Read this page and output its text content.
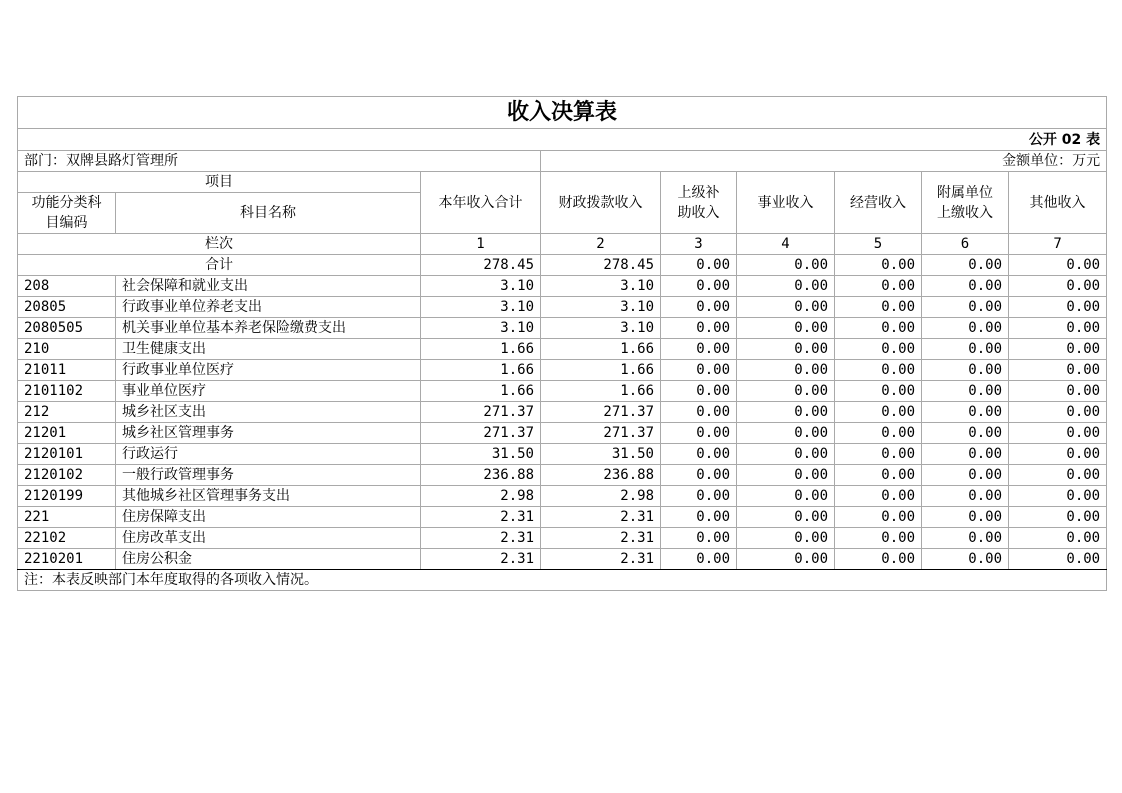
收入决算表								
公开 02 表								
部门：双牌县路灯管理所			金额单位：万元					
项目		本年收入合计	财政拨款收入	上级补助收入	事业收入	经营收入	附属单位上缴收入	其他收入
功能分类科目编码	科目名称							
栏次		1	2	3	4	5	6	7
合计		278.45	278.45	0.00	0.00	0.00	0.00	0.00
208	社会保障和就业支出	3.10	3.10	0.00	0.00	0.00	0.00	0.00
20805	行政事业单位养老支出	3.10	3.10	0.00	0.00	0.00	0.00	0.00
2080505	机关事业单位基本养老保险缴费支出	3.10	3.10	0.00	0.00	0.00	0.00	0.00
210	卫生健康支出	1.66	1.66	0.00	0.00	0.00	0.00	0.00
21011	行政事业单位医疗	1.66	1.66	0.00	0.00	0.00	0.00	0.00
2101102	事业单位医疗	1.66	1.66	0.00	0.00	0.00	0.00	0.00
212	城乡社区支出	271.37	271.37	0.00	0.00	0.00	0.00	0.00
21201	城乡社区管理事务	271.37	271.37	0.00	0.00	0.00	0.00	0.00
2120101	行政运行	31.50	31.50	0.00	0.00	0.00	0.00	0.00
2120102	一般行政管理事务	236.88	236.88	0.00	0.00	0.00	0.00	0.00
2120199	其他城乡社区管理事务支出	2.98	2.98	0.00	0.00	0.00	0.00	0.00
221	住房保障支出	2.31	2.31	0.00	0.00	0.00	0.00	0.00
22102	住房改革支出	2.31	2.31	0.00	0.00	0.00	0.00	0.00
2210201	住房公积金	2.31	2.31	0.00	0.00	0.00	0.00	0.00
注：本表反映部门本年度取得的各项收入情况。								
